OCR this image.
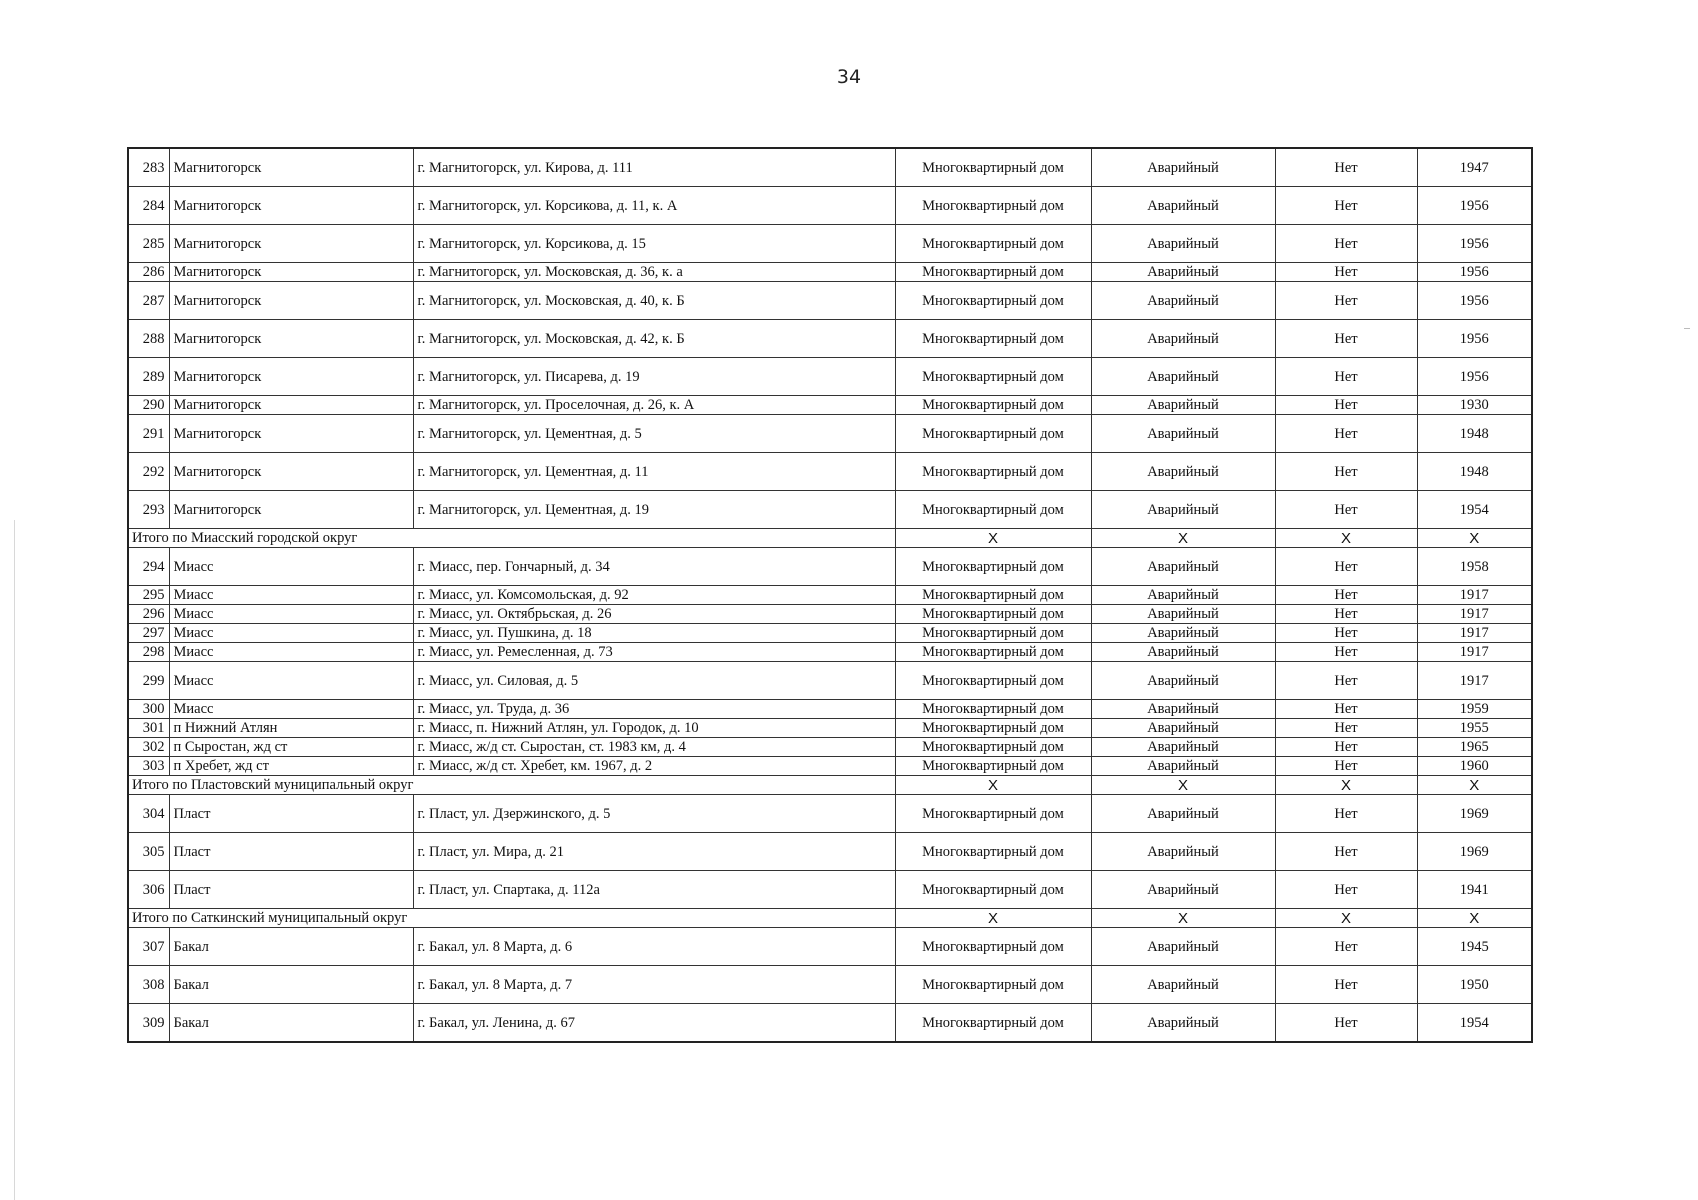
34
283	Магнитогорск	г. Магнитогорск, ул. Кирова, д. 111	Многоквартирный дом	Аварийный	Нет	1947
284	Магнитогорск	г. Магнитогорск, ул. Корсикова, д. 11, к. А	Многоквартирный дом	Аварийный	Нет	1956
285	Магнитогорск	г. Магнитогорск, ул. Корсикова, д. 15	Многоквартирный дом	Аварийный	Нет	1956
286	Магнитогорск	г. Магнитогорск, ул. Московская, д. 36, к. а	Многоквартирный дом	Аварийный	Нет	1956
287	Магнитогорск	г. Магнитогорск, ул. Московская, д. 40, к. Б	Многоквартирный дом	Аварийный	Нет	1956
288	Магнитогорск	г. Магнитогорск, ул. Московская, д. 42, к. Б	Многоквартирный дом	Аварийный	Нет	1956
289	Магнитогорск	г. Магнитогорск, ул. Писарева, д. 19	Многоквартирный дом	Аварийный	Нет	1956
290	Магнитогорск	г. Магнитогорск, ул. Проселочная, д. 26, к. А	Многоквартирный дом	Аварийный	Нет	1930
291	Магнитогорск	г. Магнитогорск, ул. Цементная, д. 5	Многоквартирный дом	Аварийный	Нет	1948
292	Магнитогорск	г. Магнитогорск, ул. Цементная, д. 11	Многоквартирный дом	Аварийный	Нет	1948
293	Магнитогорск	г. Магнитогорск, ул. Цементная, д. 19	Многоквартирный дом	Аварийный	Нет	1954
Итого по Миасский городской округ			X	X	X	X
294	Миасс	г. Миасс, пер. Гончарный, д. 34	Многоквартирный дом	Аварийный	Нет	1958
295	Миасс	г. Миасс, ул. Комсомольская, д. 92	Многоквартирный дом	Аварийный	Нет	1917
296	Миасс	г. Миасс, ул. Октябрьская, д. 26	Многоквартирный дом	Аварийный	Нет	1917
297	Миасс	г. Миасс, ул. Пушкина, д. 18	Многоквартирный дом	Аварийный	Нет	1917
298	Миасс	г. Миасс, ул. Ремесленная, д. 73	Многоквартирный дом	Аварийный	Нет	1917
299	Миасс	г. Миасс, ул. Силовая, д. 5	Многоквартирный дом	Аварийный	Нет	1917
300	Миасс	г. Миасс, ул. Труда, д. 36	Многоквартирный дом	Аварийный	Нет	1959
301	п Нижний Атлян	г. Миасс, п. Нижний Атлян, ул. Городок, д. 10	Многоквартирный дом	Аварийный	Нет	1955
302	п Сыростан, жд ст	г. Миасс, ж/д ст. Сыростан, ст. 1983 км, д. 4	Многоквартирный дом	Аварийный	Нет	1965
303	п Хребет, жд ст	г. Миасс, ж/д ст. Хребет, км. 1967, д. 2	Многоквартирный дом	Аварийный	Нет	1960
Итого по Пластовский муниципальный округ			X	X	X	X
304	Пласт	г. Пласт, ул. Дзержинского, д. 5	Многоквартирный дом	Аварийный	Нет	1969
305	Пласт	г. Пласт, ул. Мира, д. 21	Многоквартирный дом	Аварийный	Нет	1969
306	Пласт	г. Пласт, ул. Спартака, д. 112а	Многоквартирный дом	Аварийный	Нет	1941
Итого по Саткинский муниципальный округ			X	X	X	X
307	Бакал	г. Бакал, ул. 8 Марта, д. 6	Многоквартирный дом	Аварийный	Нет	1945
308	Бакал	г. Бакал, ул. 8 Марта, д. 7	Многоквартирный дом	Аварийный	Нет	1950
309	Бакал	г. Бакал, ул. Ленина, д. 67	Многоквартирный дом	Аварийный	Нет	1954
